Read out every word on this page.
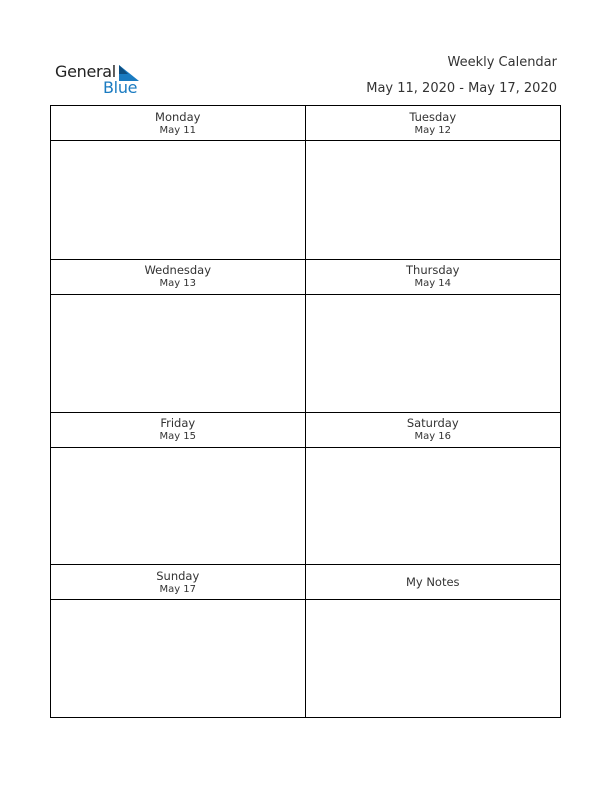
General
Blue
Weekly Calendar
May 11, 2020 - May 17, 2020
Monday
May 11
Tuesday
May 12
Wednesday
May 13
Thursday
May 14
Friday
May 15
Saturday
May 16
Sunday
May 17	My Notes
